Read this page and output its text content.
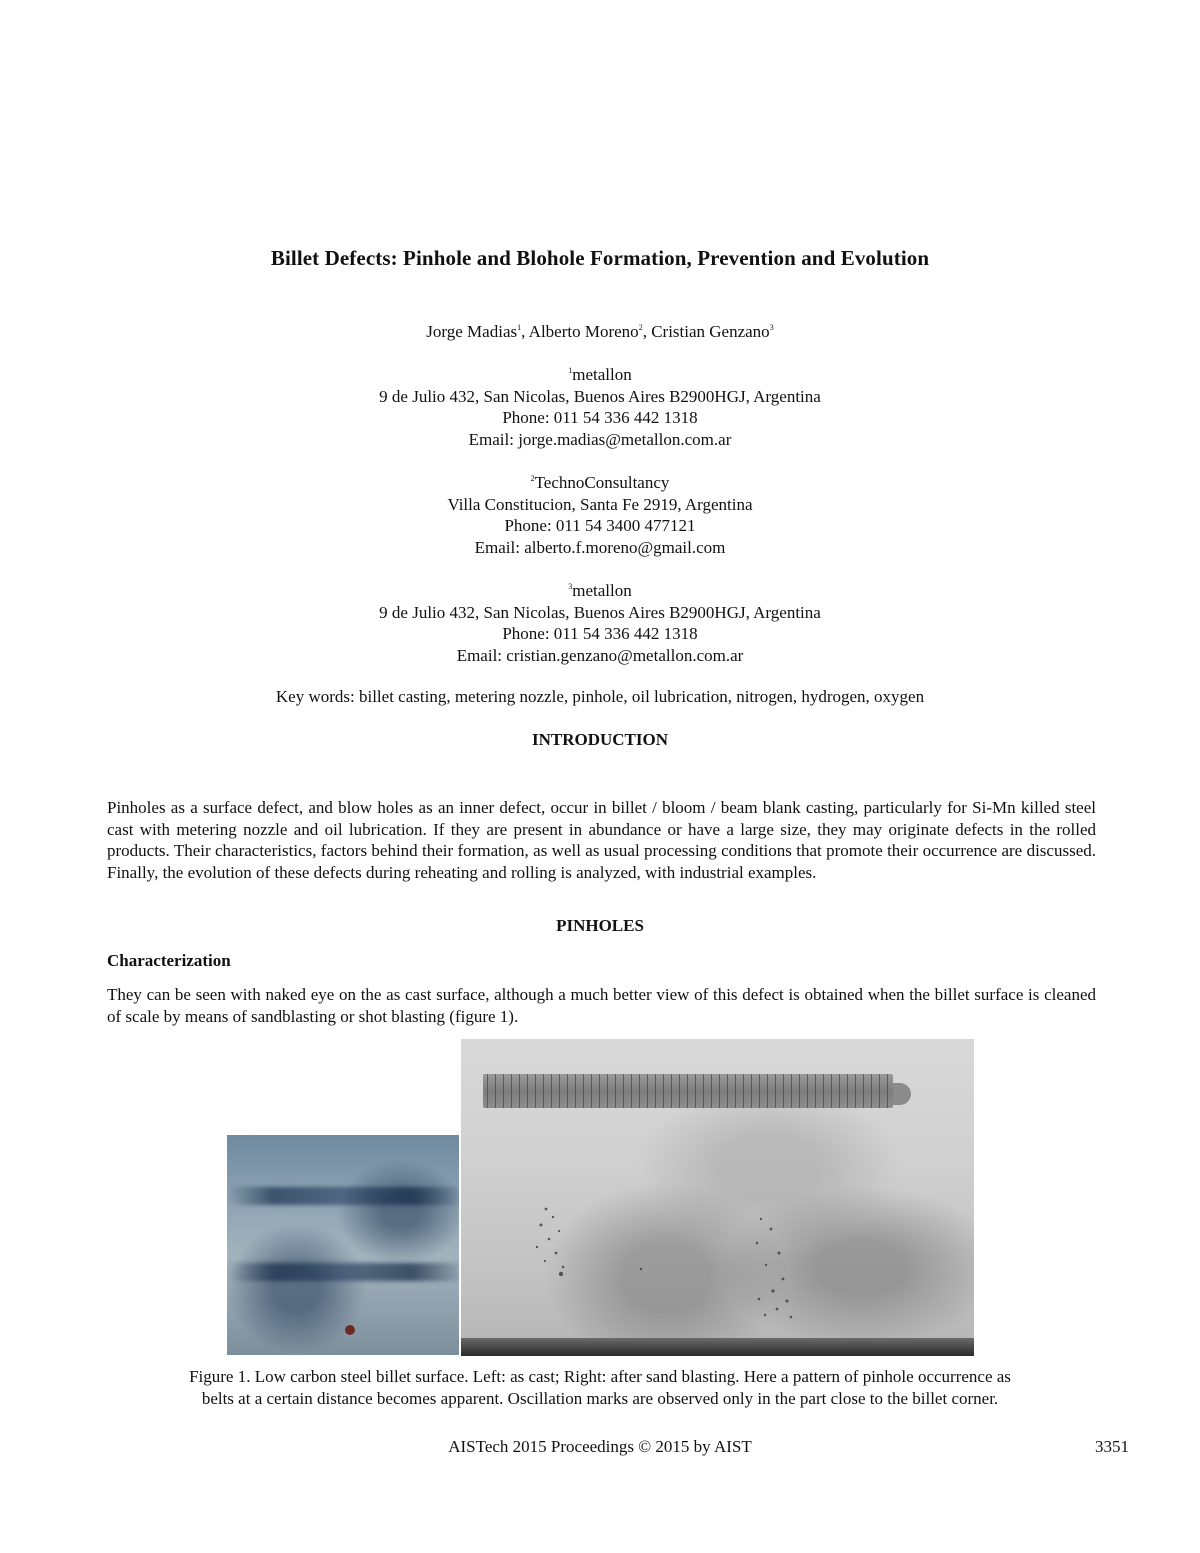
Billet Defects: Pinhole and Blohole Formation, Prevention and Evolution
Jorge Madias$^1$, Alberto Moreno$^2$, Cristian Genzano$^3$
$^1$metallon
9 de Julio 432, San Nicolas, Buenos Aires B2900HGJ, Argentina
Phone: 011 54 336 442 1318
Email: jorge.madias@metallon.com.ar
$^2$TechnoConsultancy
Villa Constitucion, Santa Fe 2919, Argentina
Phone: 011 54 3400 477121
Email: alberto.f.moreno@gmail.com
$^3$metallon
9 de Julio 432, San Nicolas, Buenos Aires B2900HGJ, Argentina
Phone: 011 54 336 442 1318
Email: cristian.genzano@metallon.com.ar
Key words: billet casting, metering nozzle, pinhole, oil lubrication, nitrogen, hydrogen, oxygen
INTRODUCTION
Pinholes as a surface defect, and blow holes as an inner defect, occur in billet / bloom / beam blank casting, particularly for Si-Mn killed steel cast with metering nozzle and oil lubrication. If they are present in abundance or have a large size, they may originate defects in the rolled products. Their characteristics, factors behind their formation, as well as usual processing conditions that promote their occurrence are discussed. Finally, the evolution of these defects during reheating and rolling is analyzed, with industrial examples.
PINHOLES
Characterization
They can be seen with naked eye on the as cast surface, although a much better view of this defect is obtained when the billet surface is cleaned of scale by means of sandblasting or shot blasting (figure 1).
Figure 1. Low carbon steel billet surface. Left: as cast; Right: after sand blasting. Here a pattern of pinhole occurrence as
belts at a certain distance becomes apparent. Oscillation marks are observed only in the part close to the billet corner.
AISTech 2015 Proceedings © 2015 by AIST	3351
